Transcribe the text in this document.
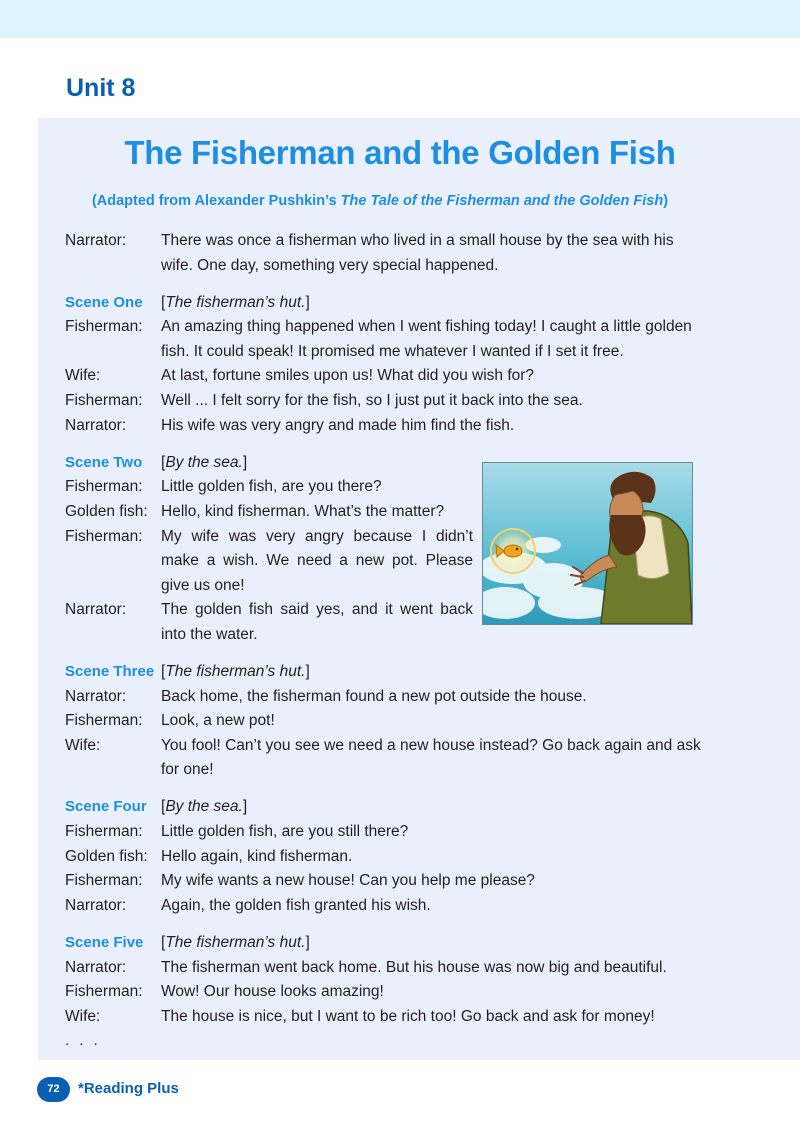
Unit 8
The Fisherman and the Golden Fish

(Adapted from Alexander Pushkin’s The Tale of the Fisherman and the Golden Fish)

Narrator:	There was once a fisherman who lived in a small house by the sea with his wife. One day, something very special happened.
Scene One	[The fisherman’s hut.]
Fisherman:	An amazing thing happened when I went fishing today! I caught a little golden fish. It could speak! It promised me whatever I wanted if I set it free.
Wife:	At last, fortune smiles upon us! What did you wish for?
Fisherman:	Well ... I felt sorry for the fish, so I just put it back into the sea.
Narrator:	His wife was very angry and made him find the fish.
Scene Two	[By the sea.]
Fisherman:	Little golden fish, are you there?
Golden fish: Hello, kind fisherman. What’s the matter?
Fisherman:	My wife was very angry because I didn’t make a wish. We need a new pot. Please give us one!
Narrator:	The golden fish said yes, and it went back into the water.
Scene Three [The fisherman’s hut.]
Narrator:	Back home, the fisherman found a new pot outside the house.
Fisherman:	Look, a new pot!
Wife:	You fool! Can’t you see we need a new house instead? Go back again and ask for one!
Scene Four [By the sea.]
Fisherman:	Little golden fish, are you still there?
Golden fish: Hello again, kind fisherman.
Fisherman:	My wife wants a new house! Can you help me please?
Narrator:	Again, the golden fish granted his wish.
Scene Five	[The fisherman’s hut.]
Narrator:	The fisherman went back home. But his house was now big and beautiful.
Fisherman:	Wow! Our house looks amazing!
Wife:	The house is nice, but I want to be rich too! Go back and ask for money!
. . .
72	*Reading Plus
